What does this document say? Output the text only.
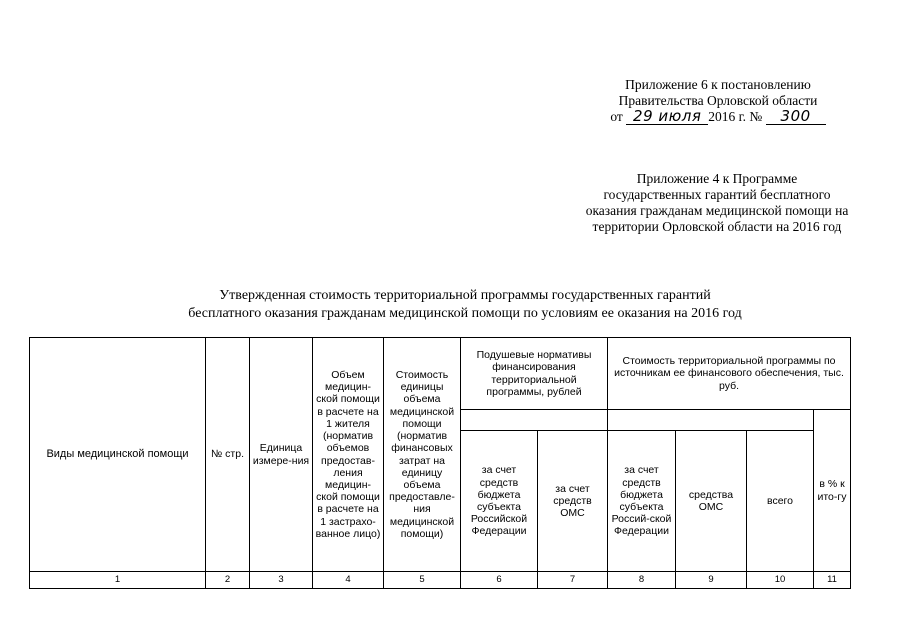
Приложение 6 к постановлению
Правительства Орловской области
от 29 июля 2016 г. № 300
Приложение 4 к Программе
государственных гарантий бесплатного
оказания гражданам медицинской помощи на
территории Орловской области на 2016 год
Утвержденная стоимость территориальной программы государственных гарантий
бесплатного оказания гражданам медицинской помощи по условиям ее оказания на 2016 год
Виды медицинской помощи	№ стр.	Единица измере-ния	Объем медицин-ской помощи в расчете на 1 жителя (норматив объемов предостав-ления медицин-ской помощи в расчете на 1 застрахо-ванное лицо)	Стоимость единицы объема медицинской помощи (норматив финансовых затрат на единицу объема предоставле-ния медицинской помощи)	Подушевые нормативы финансирования территориальной программы, рублей		Стоимость территориальной программы по источникам ее финансового обеспечения, тыс. руб.			
										в % к ито-гу
					за счет средств бюджета субъекта Российской Федерации	за счет средств ОМС	за счет средств бюджета субъекта Россий-ской Федерации	средства ОМС	всего	
1	2	3	4	5	6	7	8	9	10	11
